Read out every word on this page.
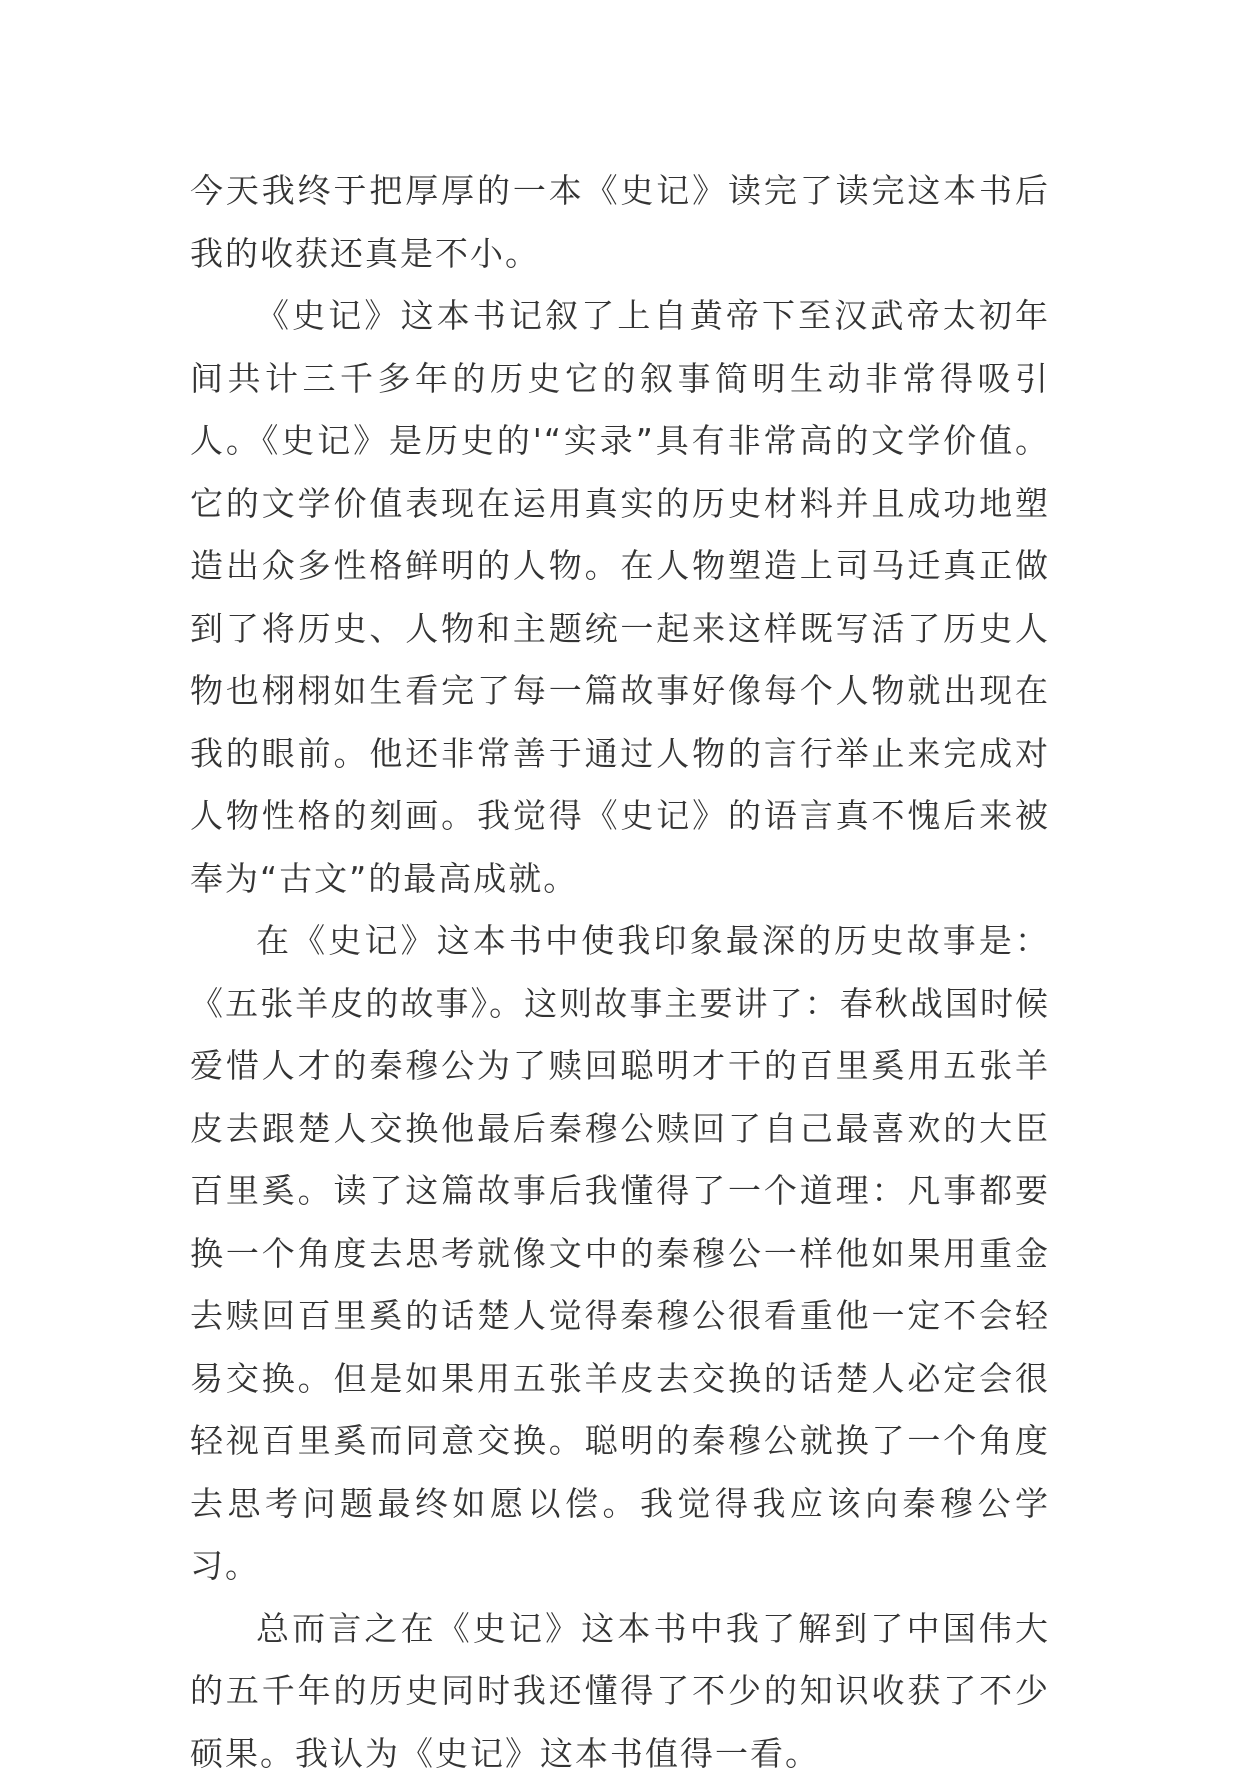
今天我终于把厚厚的一本《史记》读完了读完这本书后我的收获还真是不小。

《史记》这本书记叙了上自黄帝下至汉武帝太初年间共计三千多年的历史它的叙事简明生动非常得吸引人。《史记》是历史的'“实录”具有非常高的文学价值。它的文学价值表现在运用真实的历史材料并且成功地塑造出众多性格鲜明的人物。在人物塑造上司马迁真正做到了将历史、人物和主题统一起来这样既写活了历史人物也栩栩如生看完了每一篇故事好像每个人物就出现在我的眼前。他还非常善于通过人物的言行举止来完成对人物性格的刻画。我觉得《史记》的语言真不愧后来被奉为“古文”的最高成就。

在《史记》这本书中使我印象最深的历史故事是：《五张羊皮的故事》。这则故事主要讲了：春秋战国时候爱惜人才的秦穆公为了赎回聪明才干的百里奚用五张羊皮去跟楚人交换他最后秦穆公赎回了自己最喜欢的大臣百里奚。读了这篇故事后我懂得了一个道理：凡事都要换一个角度去思考就像文中的秦穆公一样他如果用重金去赎回百里奚的话楚人觉得秦穆公很看重他一定不会轻易交换。但是如果用五张羊皮去交换的话楚人必定会很轻视百里奚而同意交换。聪明的秦穆公就换了一个角度去思考问题最终如愿以偿。我觉得我应该向秦穆公学习。

总而言之在《史记》这本书中我了解到了中国伟大的五千年的历史同时我还懂得了不少的知识收获了不少硕果。我认为《史记》这本书值得一看。
